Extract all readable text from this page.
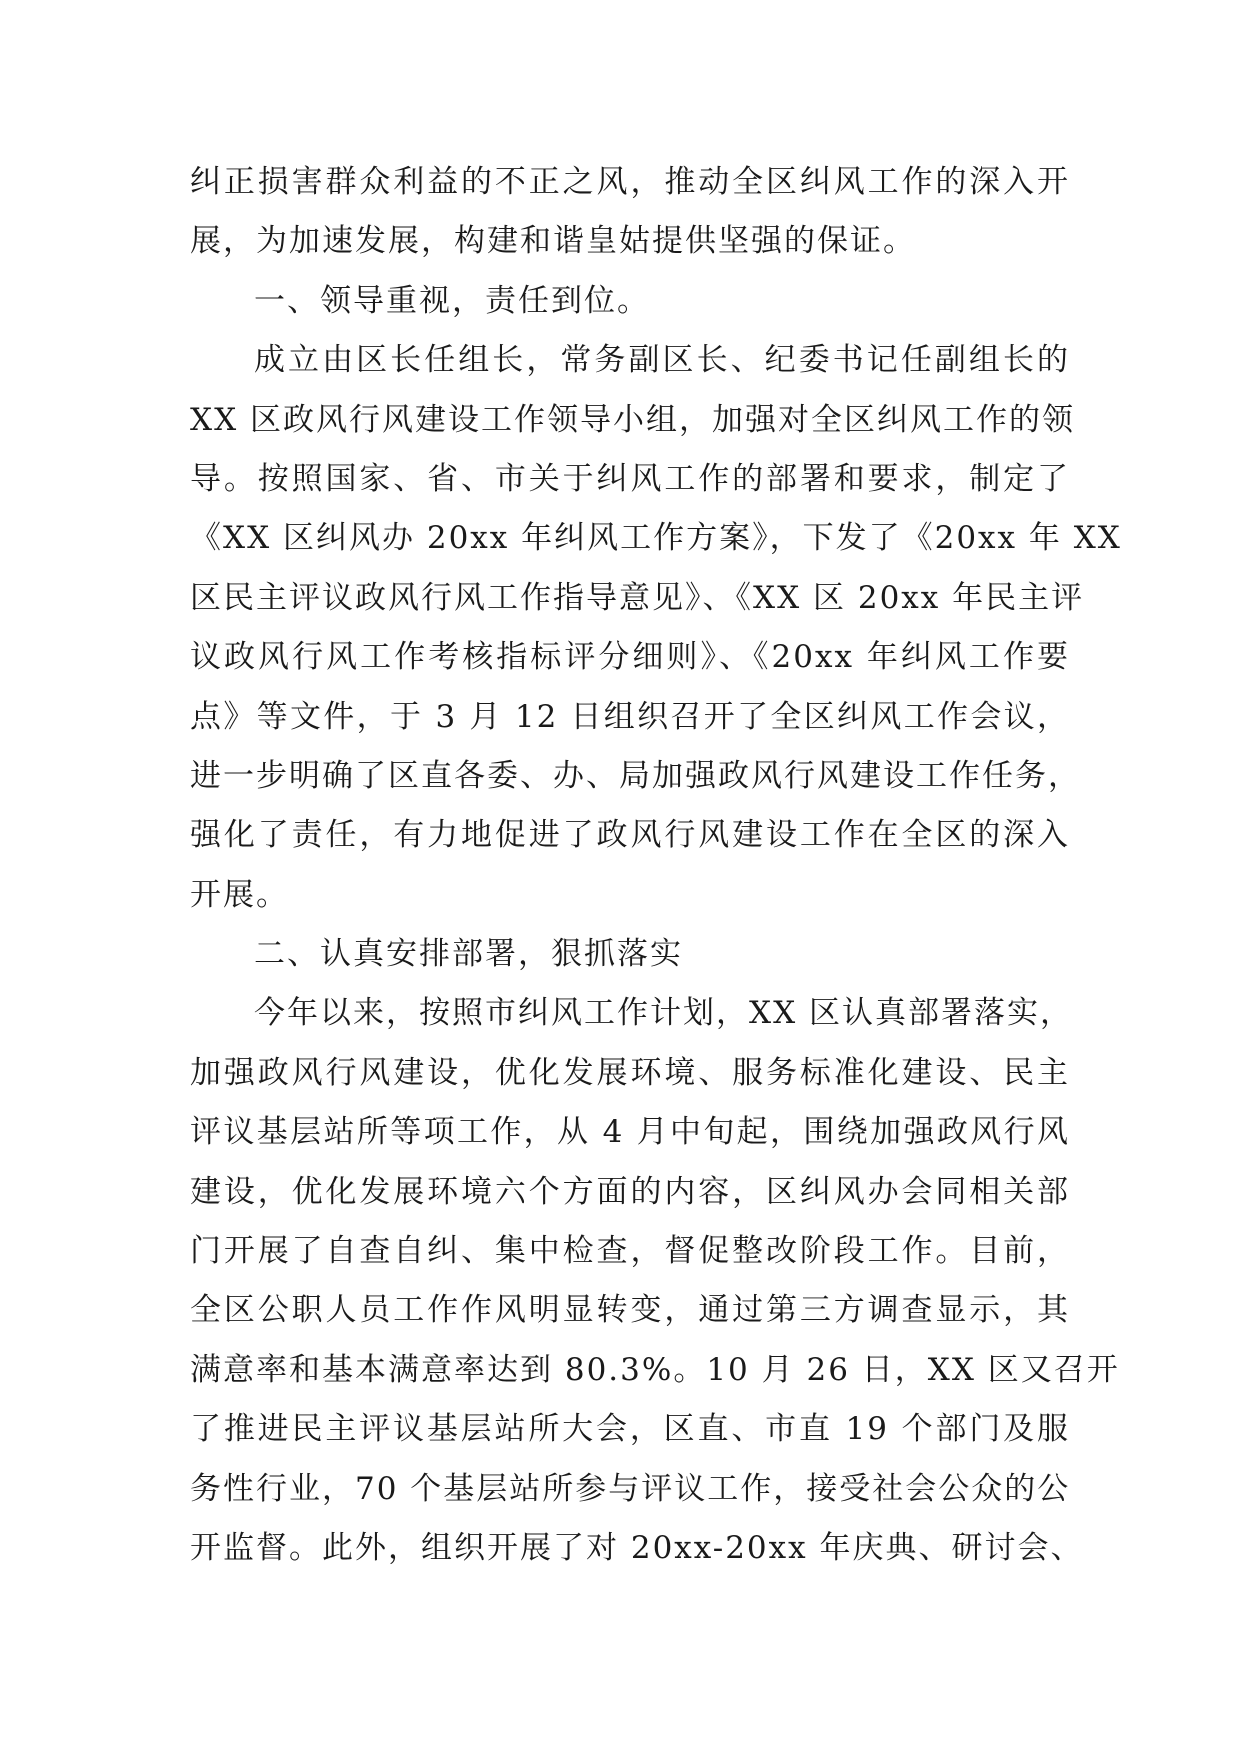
纠正损害群众利益的不正之风，推动全区纠风工作的深入开
展，为加速发展，构建和谐皇姑提供坚强的保证。
一、领导重视，责任到位。
成立由区长任组长，常务副区长、纪委书记任副组长的
XX 区政风行风建设工作领导小组，加强对全区纠风工作的领
导。按照国家、省、市关于纠风工作的部署和要求，制定了
《XX 区纠风办 20xx 年纠风工作方案》，下发了《20xx 年 XX
区民主评议政风行风工作指导意见》、《XX 区 20xx 年民主评
议政风行风工作考核指标评分细则》、《20xx 年纠风工作要
点》等文件，于 3 月 12 日组织召开了全区纠风工作会议，
进一步明确了区直各委、办、局加强政风行风建设工作任务，
强化了责任，有力地促进了政风行风建设工作在全区的深入
开展。
二、认真安排部署，狠抓落实
今年以来，按照市纠风工作计划，XX 区认真部署落实，
加强政风行风建设，优化发展环境、服务标准化建设、民主
评议基层站所等项工作，从 4 月中旬起，围绕加强政风行风
建设，优化发展环境六个方面的内容，区纠风办会同相关部
门开展了自查自纠、集中检查，督促整改阶段工作。目前，
全区公职人员工作作风明显转变，通过第三方调查显示，其
满意率和基本满意率达到 80.3%。10 月 26 日，XX 区又召开
了推进民主评议基层站所大会，区直、市直 19 个部门及服
务性行业，70 个基层站所参与评议工作，接受社会公众的公
开监督。此外，组织开展了对 20xx-20xx 年庆典、研讨会、
